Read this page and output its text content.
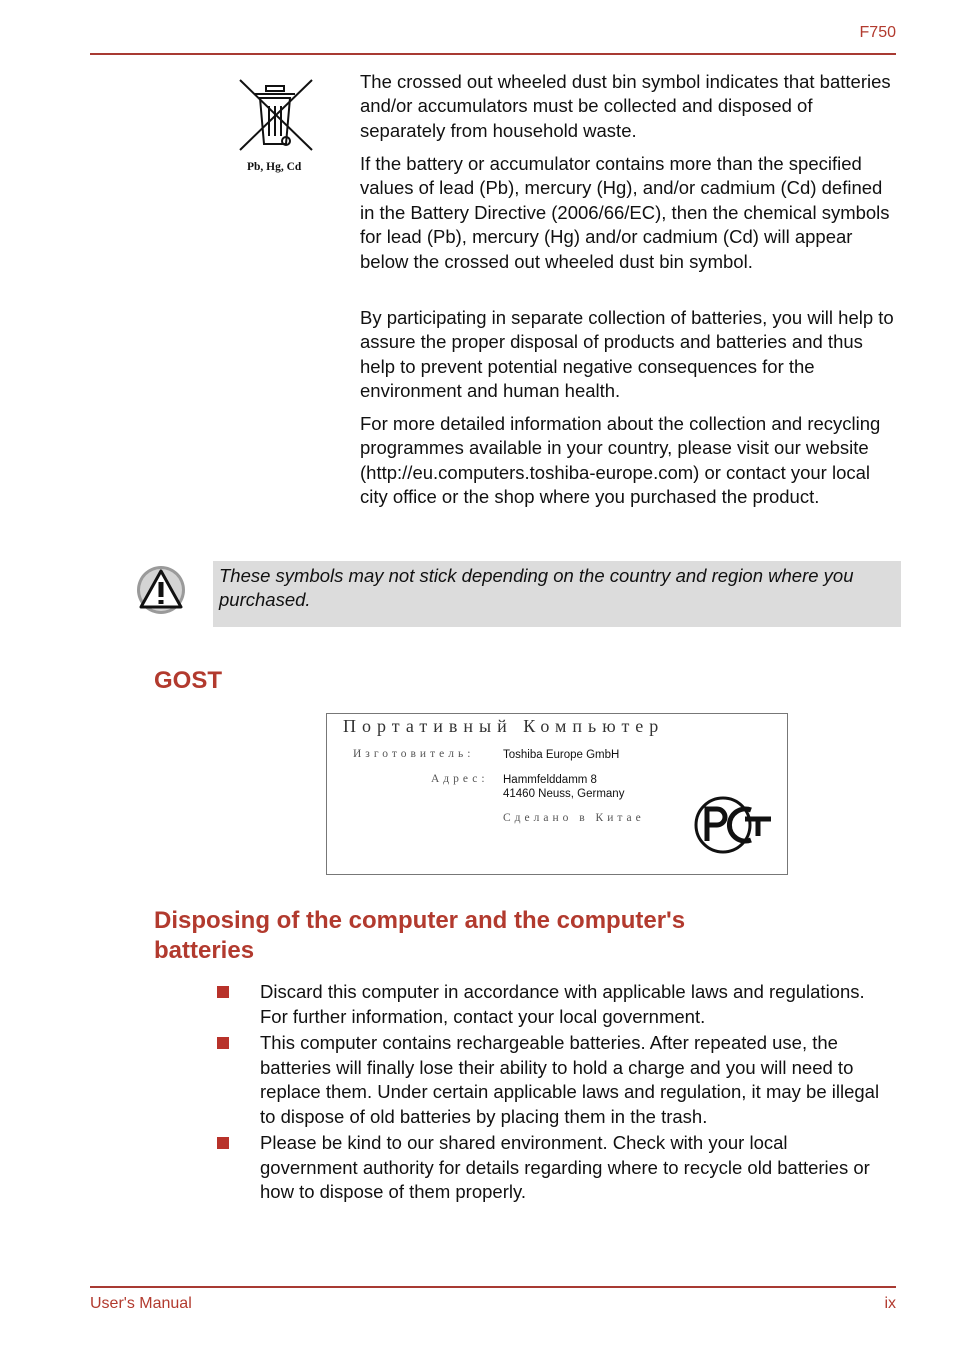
F750
Pb, Hg, Cd

The crossed out wheeled dust bin symbol indicates that batteries and/or accumulators must be collected and disposed of separately from household waste.

If the battery or accumulator contains more than the specified values of lead (Pb), mercury (Hg), and/or cadmium (Cd) defined in the Battery Directive (2006/66/EC), then the chemical symbols for lead (Pb), mercury (Hg) and/or cadmium (Cd) will appear below the crossed out wheeled dust bin symbol.

By participating in separate collection of batteries, you will help to assure the proper disposal of products and batteries and thus help to prevent potential negative consequences for the environment and human health.

For more detailed information about the collection and recycling programmes available in your country, please visit our website (http://eu.computers.toshiba-europe.com) or contact your local city office or the shop where you purchased the product.

These symbols may not stick depending on the country and region where you purchased.

GOST
Портативный Компьютер
Изготовитель: Toshiba Europe GmbH
Адрес: Hammfelddamm 8
41460 Neuss, Germany
Сделано в Китае
Disposing of the computer and the computer's
batteries

Discard this computer in accordance with applicable laws and regulations. For further information, contact your local government.

This computer contains rechargeable batteries. After repeated use, the batteries will finally lose their ability to hold a charge and you will need to replace them. Under certain applicable laws and regulation, it may be illegal to dispose of old batteries by placing them in the trash.

Please be kind to our shared environment. Check with your local government authority for details regarding where to recycle old batteries or how to dispose of them properly.

User's Manual	ix
